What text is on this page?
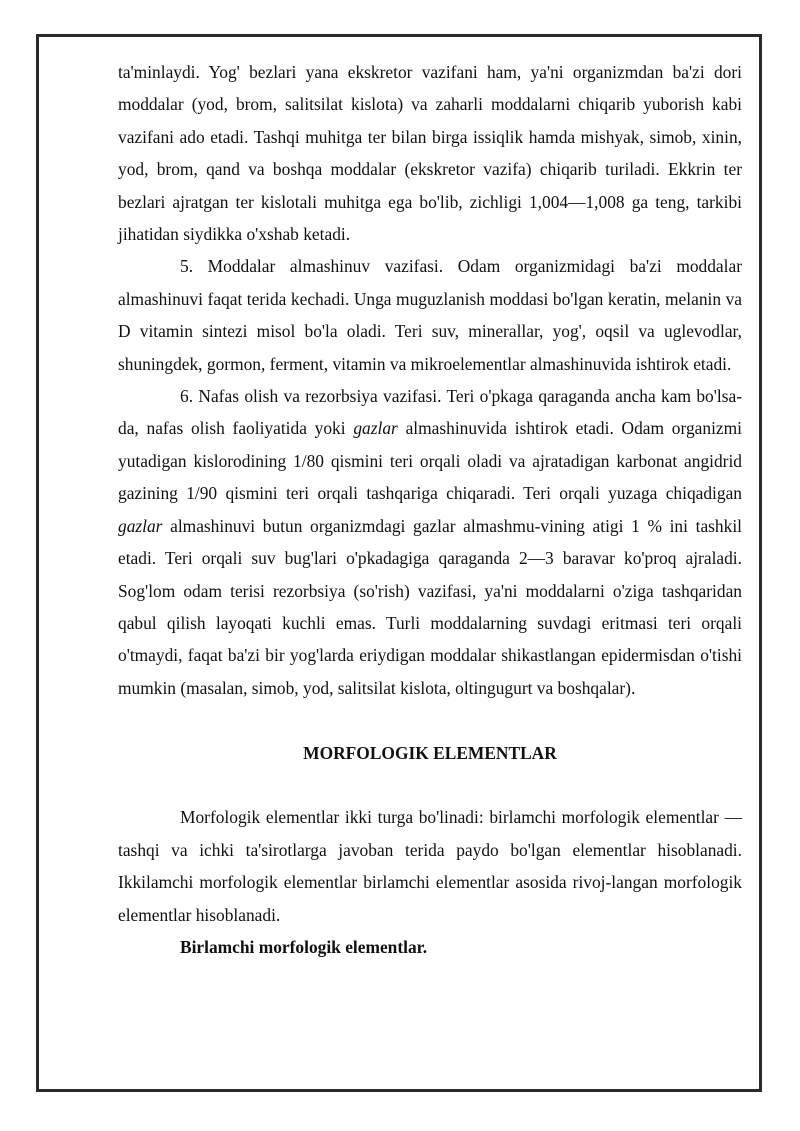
ta'minlaydi. Yog' bezlari yana ekskretor vazifani ham, ya'ni organizmdan ba'zi dori moddalar (yod, brom, salitsilat kislota) va zaharli moddalarni chiqarib yuborish kabi vazifani ado etadi. Tashqi muhitga ter bilan birga issiqlik hamda mishyak, simob, xinin, yod, brom, qand va boshqa moddalar (ekskretor vazifa) chiqarib turiladi. Ekkrin ter bezlari ajratgan ter kislotali muhitga ega bo'lib, zichligi 1,004—1,008 ga teng, tarkibi jihatidan siydikka o'xshab ketadi.

5. Moddalar almashinuv vazifasi. Odam organizmidagi ba'zi moddalar almashinuvi faqat terida kechadi. Unga muguzlanish moddasi bo'lgan keratin, melanin va D vitamin sintezi misol bo'la oladi. Teri suv, minerallar, yog', oqsil va uglevodlar, shuningdek, gormon, ferment, vitamin va mikroelementlar almashinuvida ishtirok etadi.

6. Nafas olish va rezorbsiya vazifasi. Teri o'pkaga qaraganda ancha kam bo'lsa-da, nafas olish faoliyatida yoki gazlar almashinuvida ishtirok etadi. Odam organizmi yutadigan kislorodining 1/80 qismini teri orqali oladi va ajratadigan karbonat angidrid gazining 1/90 qismini teri orqali tashqariga chiqaradi. Teri orqali yuzaga chiqadigan gazlar almashinuvi butun organizmdagi gazlar almashmu-vining atigi 1 % ini tashkil etadi. Teri orqali suv bug'lari o'pkadagiga qaraganda 2—3 baravar ko'proq ajraladi. Sog'lom odam terisi rezorbsiya (so'rish) vazifasi, ya'ni moddalarni o'ziga tashqaridan qabul qilish layoqati kuchli emas. Turli moddalarning suvdagi eritmasi teri orqali o'tmaydi, faqat ba'zi bir yog'larda eriydigan moddalar shikastlangan epidermisdan o'tishi mumkin (masalan, simob, yod, salitsilat kislota, oltingugurt va boshqalar).

MORFOLOGIK ELEMENTLAR

Morfologik elementlar ikki turga bo'linadi: birlamchi morfologik elementlar — tashqi va ichki ta'sirotlarga javoban terida paydo bo'lgan elementlar hisoblanadi. Ikkilamchi morfologik elementlar birlamchi elementlar asosida rivoj-langan morfologik elementlar hisoblanadi.

Birlamchi morfologik elementlar.
